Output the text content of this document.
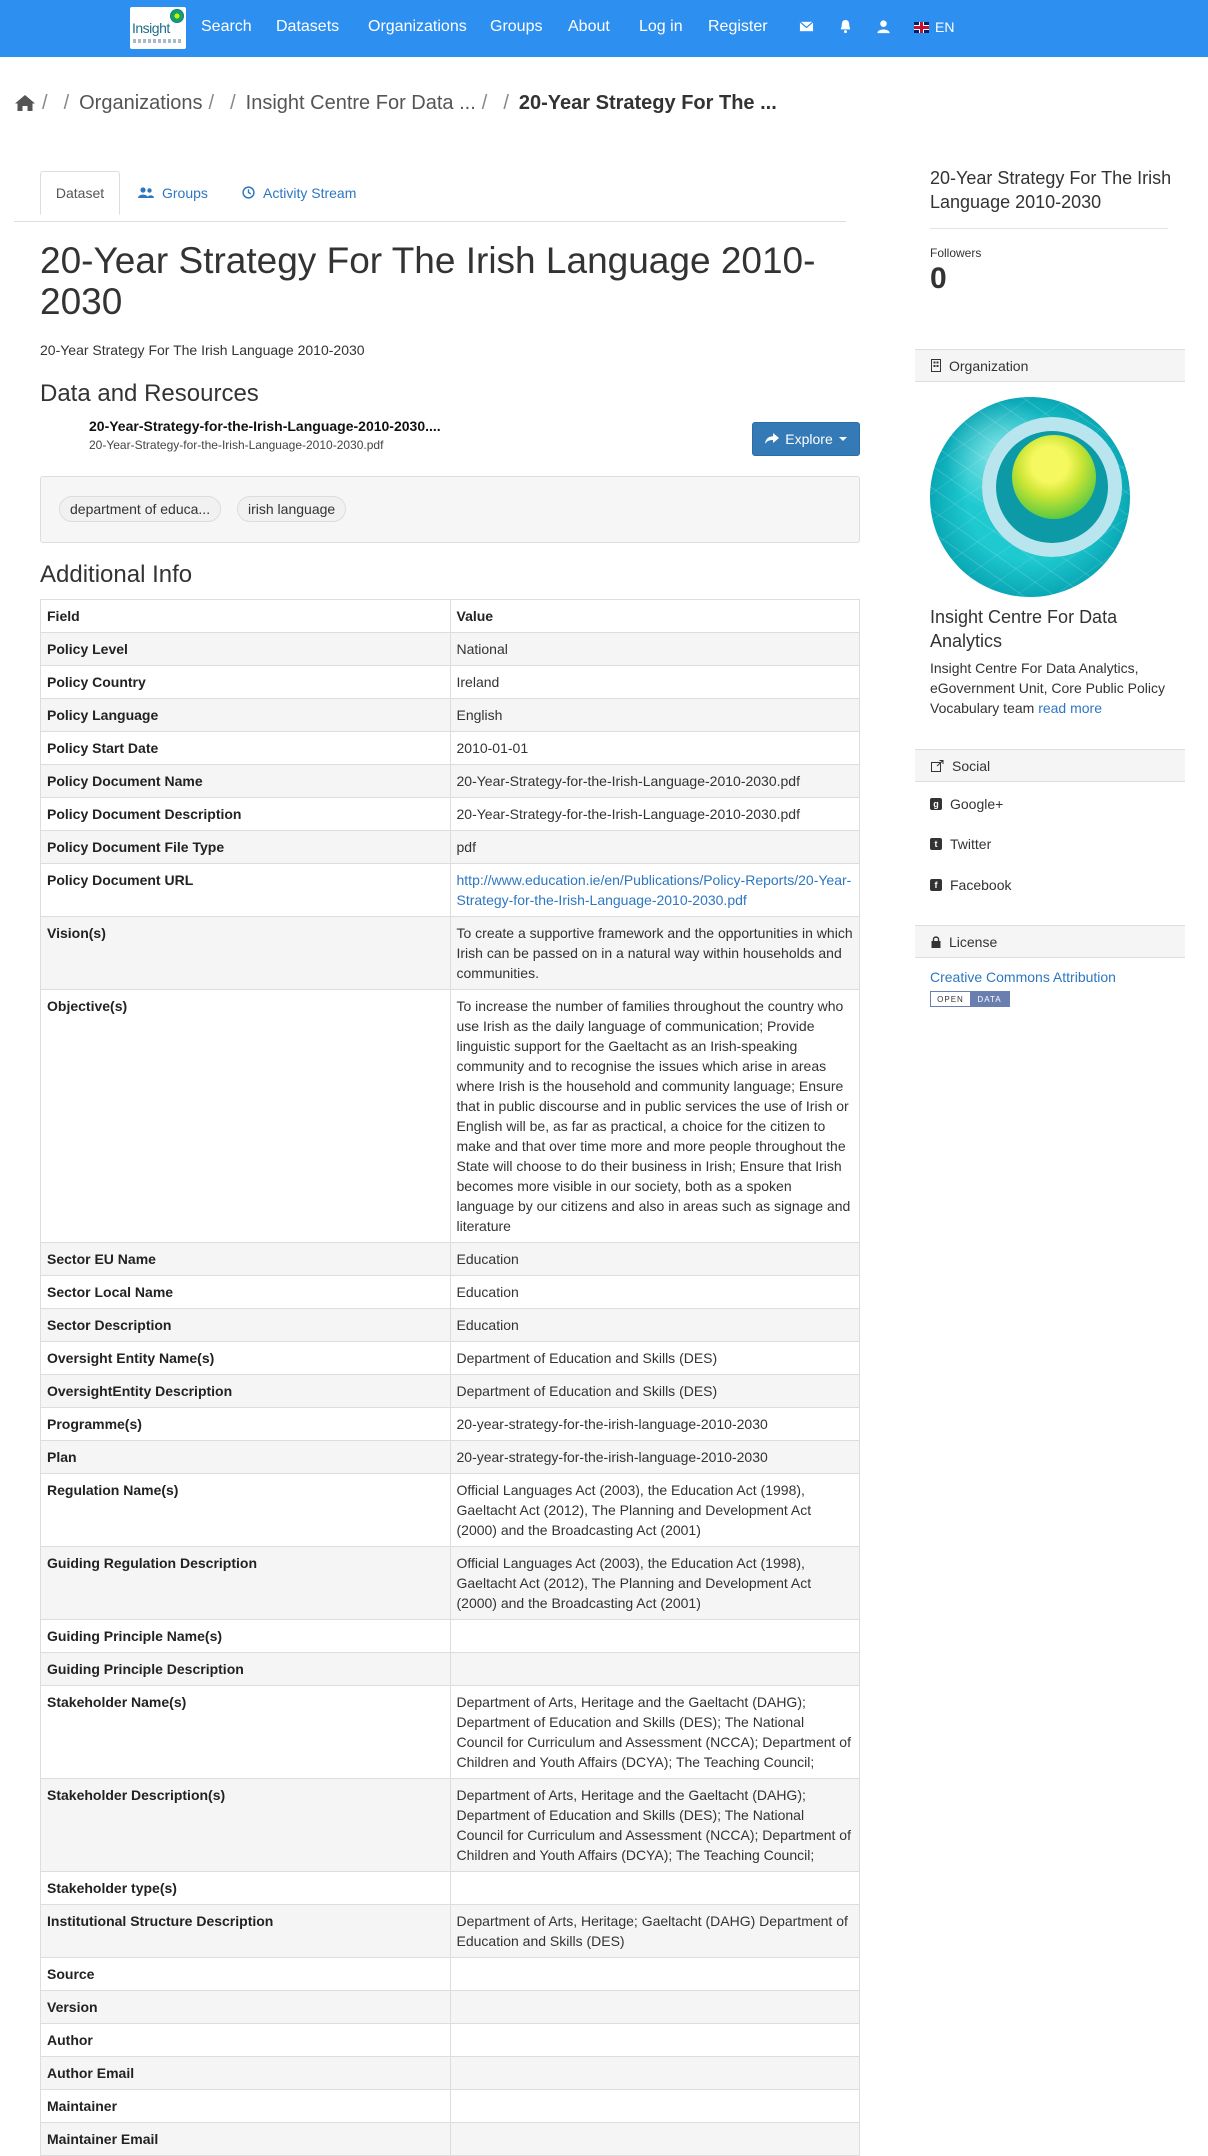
Insight Search Datasets Organizations Groups About Log in Register	EN
/ / Organizations / / Insight Centre For Data ... / / 20-Year Strategy For The ...
Dataset	Groups	Activity Stream
20-Year Strategy For The Irish Language 2010-2030
20-Year Strategy For The Irish Language 2010-2030
Data and Resources
20-Year-Strategy-for-the-Irish-Language-2010-2030....
20-Year-Strategy-for-the-Irish-Language-2010-2030.pdf	Explore
department of educa...	irish language
Additional Info
Field	Value
Policy Level	National
Policy Country	Ireland
Policy Language	English
Policy Start Date	2010-01-01
Policy Document Name	20-Year-Strategy-for-the-Irish-Language-2010-2030.pdf
Policy Document Description	20-Year-Strategy-for-the-Irish-Language-2010-2030.pdf
Policy Document File Type	pdf
Policy Document URL	http://www.education.ie/en/Publications/Policy-Reports/20-Year-Strategy-for-the-Irish-Language-2010-2030.pdf
Vision(s)	To create a supportive framework and the opportunities in which Irish can be passed on in a natural way within households and communities.
Objective(s)	To increase the number of families throughout the country who use Irish as the daily language of communication; Provide linguistic support for the Gaeltacht as an Irish-speaking community and to recognise the issues which arise in areas where Irish is the household and community language; Ensure that in public discourse and in public services the use of Irish or English will be, as far as practical, a choice for the citizen to make and that over time more and more people throughout the State will choose to do their business in Irish; Ensure that Irish becomes more visible in our society, both as a spoken language by our citizens and also in areas such as signage and literature
Sector EU Name	Education
Sector Local Name	Education
Sector Description	Education
Oversight Entity Name(s)	Department of Education and Skills (DES)
OversightEntity Description	Department of Education and Skills (DES)
Programme(s)	20-year-strategy-for-the-irish-language-2010-2030
Plan	20-year-strategy-for-the-irish-language-2010-2030
Regulation Name(s)	Official Languages Act (2003), the Education Act (1998), Gaeltacht Act (2012), The Planning and Development Act (2000) and the Broadcasting Act (2001)
Guiding Regulation Description	Official Languages Act (2003), the Education Act (1998), Gaeltacht Act (2012), The Planning and Development Act (2000) and the Broadcasting Act (2001)
Guiding Principle Name(s)	
Guiding Principle Description	
Stakeholder Name(s)	Department of Arts, Heritage and the Gaeltacht (DAHG); Department of Education and Skills (DES); The National Council for Curriculum and Assessment (NCCA); Department of Children and Youth Affairs (DCYA); The Teaching Council;
Stakeholder Description(s)	Department of Arts, Heritage and the Gaeltacht (DAHG); Department of Education and Skills (DES); The National Council for Curriculum and Assessment (NCCA); Department of Children and Youth Affairs (DCYA); The Teaching Council;
Stakeholder type(s)	
Institutional Structure Description	Department of Arts, Heritage; Gaeltacht (DAHG) Department of Education and Skills (DES)
Source	
Version	
Author	
Author Email	
Maintainer	
Maintainer Email	
20-Year Strategy For The Irish Language 2010-2030
Followers
0
Organization
Insight Centre For Data Analytics
Insight Centre For Data Analytics, eGovernment Unit, Core Public Policy Vocabulary team read more
Social
g Google+
t Twitter
f Facebook
License
Creative Commons Attribution
OPEN	DATA
